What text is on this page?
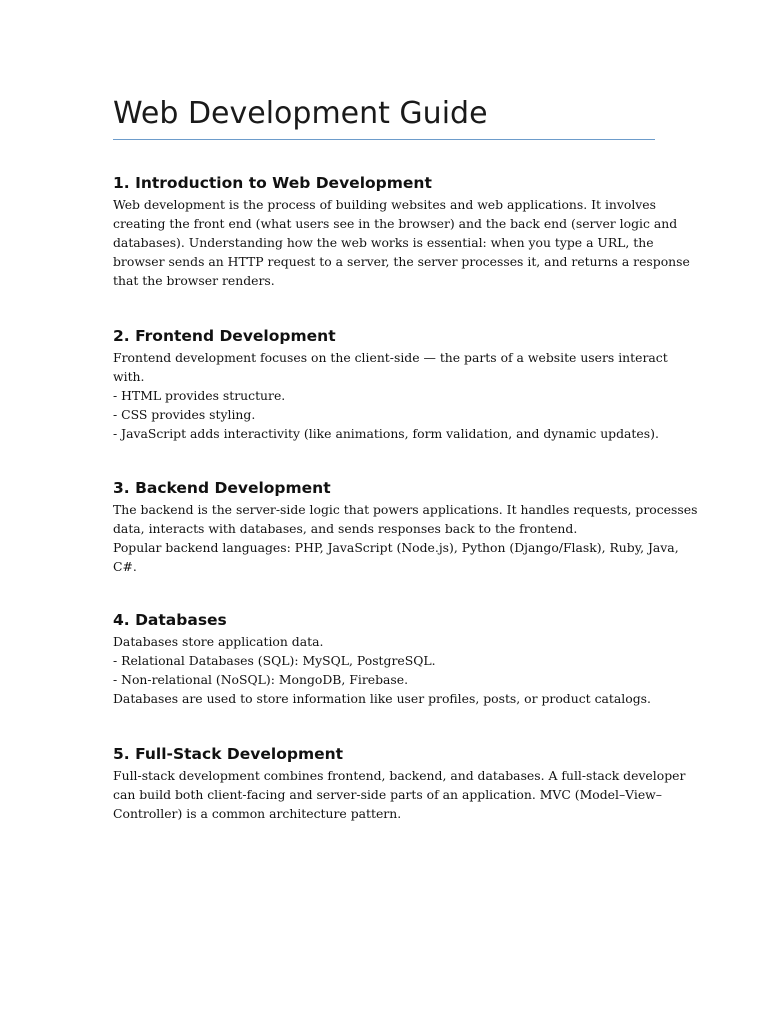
Web Development Guide
1. Introduction to Web Development
Web development is the process of building websites and web applications. It involves
creating the front end (what users see in the browser) and the back end (server logic and
databases). Understanding how the web works is essential: when you type a URL, the
browser sends an HTTP request to a server, the server processes it, and returns a response
that the browser renders.
2. Frontend Development
Frontend development focuses on the client-side — the parts of a website users interact
with.
- HTML provides structure.
- CSS provides styling.
- JavaScript adds interactivity (like animations, form validation, and dynamic updates).
3. Backend Development
The backend is the server-side logic that powers applications. It handles requests, processes
data, interacts with databases, and sends responses back to the frontend.
Popular backend languages: PHP, JavaScript (Node.js), Python (Django/Flask), Ruby, Java,
C#.
4. Databases
Databases store application data.
- Relational Databases (SQL): MySQL, PostgreSQL.
- Non-relational (NoSQL): MongoDB, Firebase.
Databases are used to store information like user profiles, posts, or product catalogs.
5. Full-Stack Development
Full-stack development combines frontend, backend, and databases. A full-stack developer
can build both client-facing and server-side parts of an application. MVC (Model–View–
Controller) is a common architecture pattern.
